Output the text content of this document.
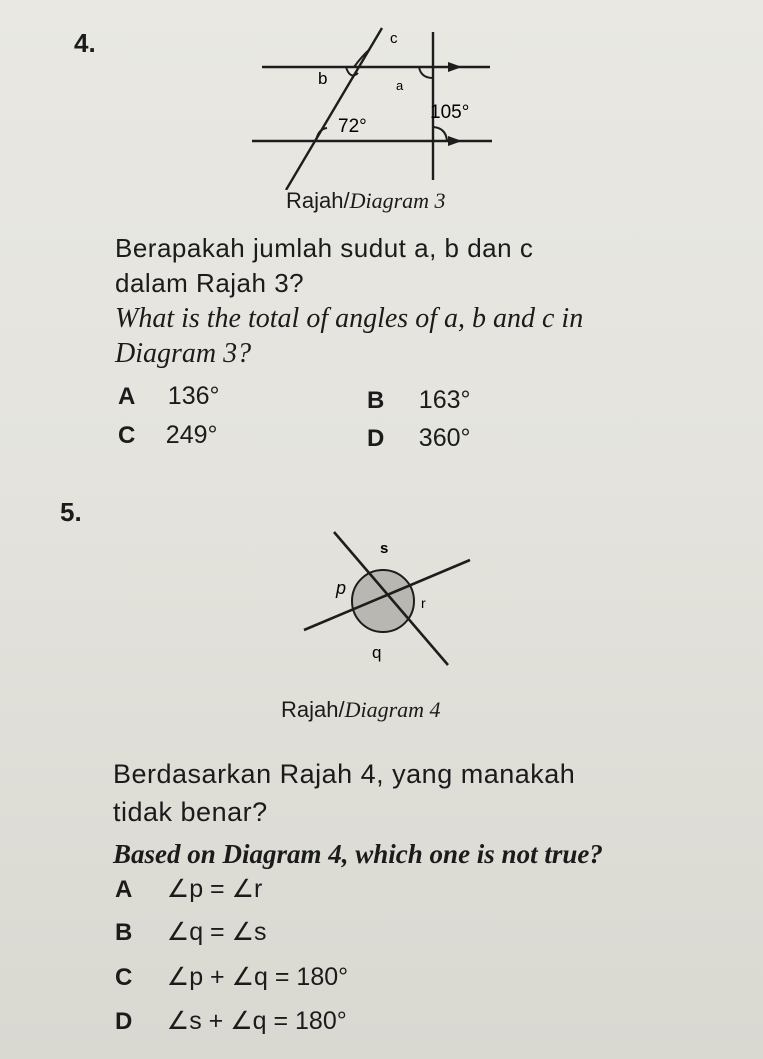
4.	c
b	a
72°
105°
Rajah/Diagram 3
Berapakah jumlah sudut a, b dan c
dalam Rajah 3?
What is the total of angles of a, b and c in
Diagram 3?
A 136°	B 163°
C 249°	D 360°
5.
s
p
r
q
Rajah/Diagram 4
Berdasarkan Rajah 4, yang manakah
tidak benar?
Based on Diagram 4, which one is not true?
A ∠p = ∠r
B ∠q = ∠s
C ∠p + ∠q = 180°
D ∠s + ∠q = 180°
